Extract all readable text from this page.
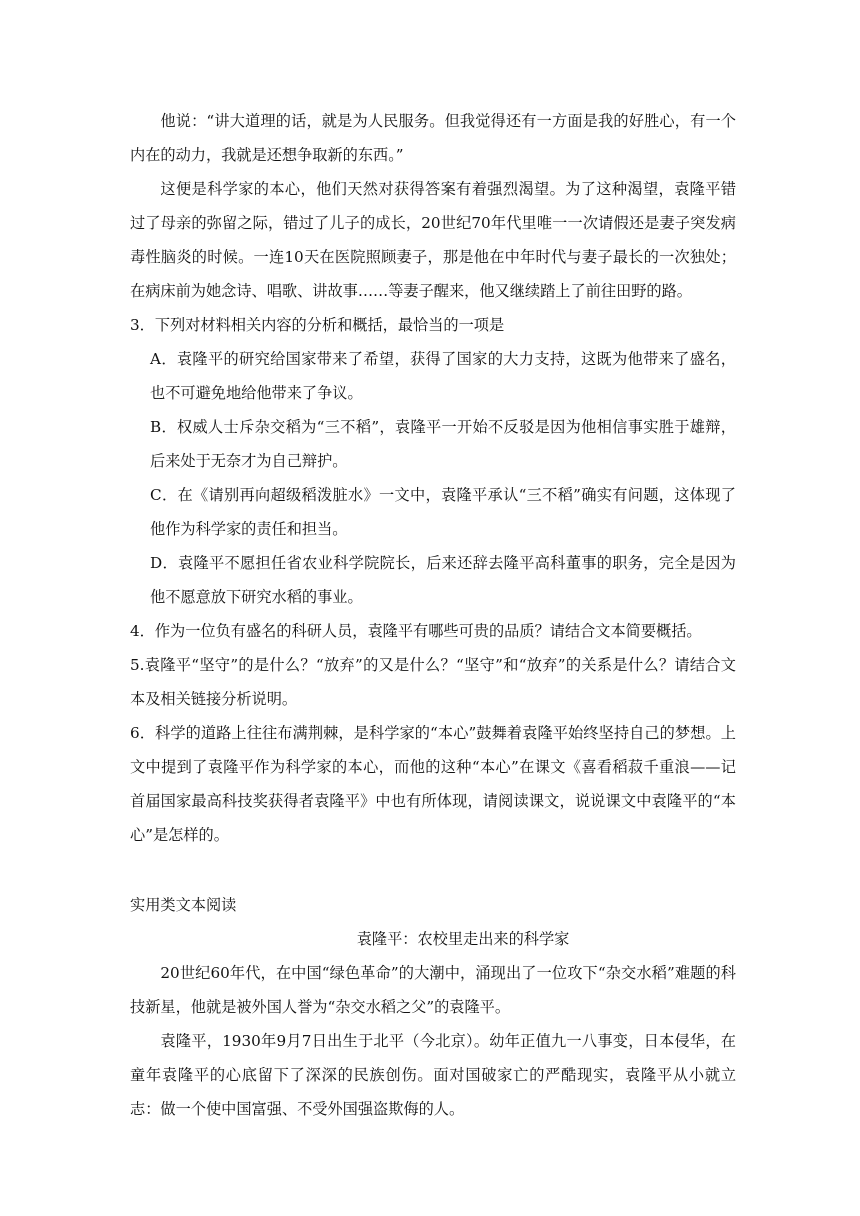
他说：“讲大道理的话，就是为人民服务。但我觉得还有一方面是我的好胜心，有一个内在的动力，我就是还想争取新的东西。”

这便是科学家的本心，他们天然对获得答案有着强烈渴望。为了这种渴望，袁隆平错过了母亲的弥留之际，错过了儿子的成长，20世纪70年代里唯一一次请假还是妻子突发病毒性脑炎的时候。一连10天在医院照顾妻子，那是他在中年时代与妻子最长的一次独处；在病床前为她念诗、唱歌、讲故事……等妻子醒来，他又继续踏上了前往田野的路。

3．下列对材料相关内容的分析和概括，最恰当的一项是

A．袁隆平的研究给国家带来了希望，获得了国家的大力支持，这既为他带来了盛名，也不可避免地给他带来了争议。

B．权威人士斥杂交稻为“三不稻”，袁隆平一开始不反驳是因为他相信事实胜于雄辩，后来处于无奈才为自己辩护。

C．在《请别再向超级稻泼脏水》一文中，袁隆平承认“三不稻”确实有问题，这体现了他作为科学家的责任和担当。

D．袁隆平不愿担任省农业科学院院长，后来还辞去隆平高科董事的职务，完全是因为他不愿意放下研究水稻的事业。

4．作为一位负有盛名的科研人员，袁隆平有哪些可贵的品质？请结合文本简要概括。

5.袁隆平“坚守”的是什么？“放弃”的又是什么？“坚守”和“放弃”的关系是什么？请结合文本及相关链接分析说明。

6．科学的道路上往往布满荆棘，是科学家的“本心”鼓舞着袁隆平始终坚持自己的梦想。上文中提到了袁隆平作为科学家的本心，而他的这种“本心”在课文《喜看稻菽千重浪——记首届国家最高科技奖获得者袁隆平》中也有所体现，请阅读课文，说说课文中袁隆平的“本心”是怎样的。

实用类文本阅读

袁隆平：农校里走出来的科学家

20世纪60年代，在中国“绿色革命”的大潮中，涌现出了一位攻下“杂交水稻”难题的科技新星，他就是被外国人誉为“杂交水稻之父”的袁隆平。

袁隆平，1930年9月7日出生于北平（今北京）。幼年正值九一八事变，日本侵华，在童年袁隆平的心底留下了深深的民族创伤。面对国破家亡的严酷现实，袁隆平从小就立志：做一个使中国富强、不受外国强盗欺侮的人。
